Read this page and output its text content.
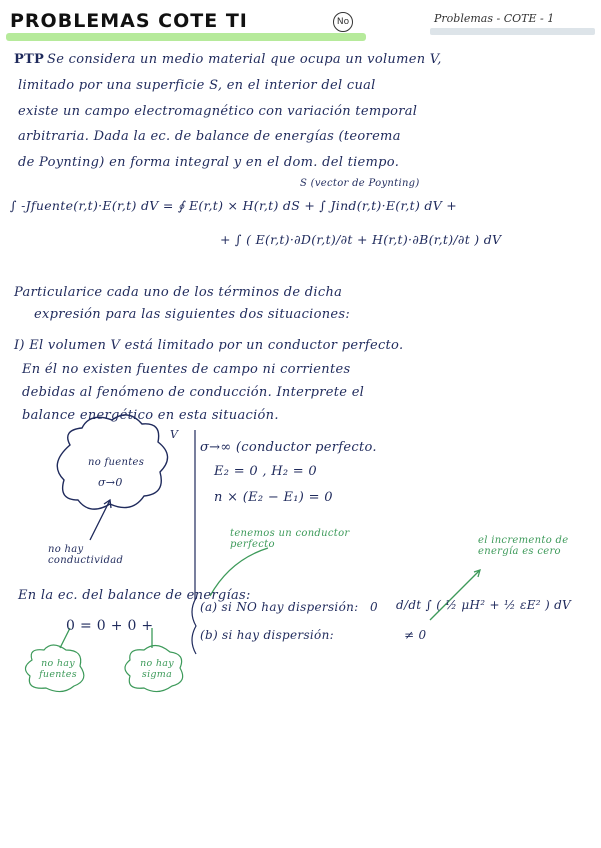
PROBLEMAS COTE TI	No	Problemas - COTE - 1
PTP Se considera un medio material que ocupa un volumen V,
limitado por una superficie S, en el interior del cual
existe un campo electromagnético con variación temporal
arbitraria. Dada la ec. de balance de energías (teorema
de Poynting) en forma integral y en el dom. del tiempo.
S (vector de Poynting)
∫ -Jfuente(r,t)·E(r,t) dV = ∮ E(r,t) × H(r,t) dS + ∫ Jind(r,t)·E(r,t) dV +
+ ∫ ( E(r,t)·∂D(r,t)/∂t + H(r,t)·∂B(r,t)/∂t ) dV
Particularice cada uno de los términos de dicha
expresión para las siguientes dos situaciones:
I) El volumen V está limitado por un conductor perfecto.
En él no existen fuentes de campo ni corrientes
debidas al fenómeno de conducción. Interprete el
balance energético en esta situación.
no fuentes
σ→0
no hay conductividad
V
σ→∞ (conductor perfecto.
E₂ = 0 , H₂ = 0
n × (E₂ − E₁) = 0
tenemos un conductor perfecto
En la ec. del balance de energías:
0 = 0 + 0 +
(a) si NO hay dispersión:
(b) si hay dispersión:
d/dt ∫ ( ½ μH² + ½ εE² ) dV
0
≠ 0
el incremento de energía es cero
no hay fuentes
no hay sigma
